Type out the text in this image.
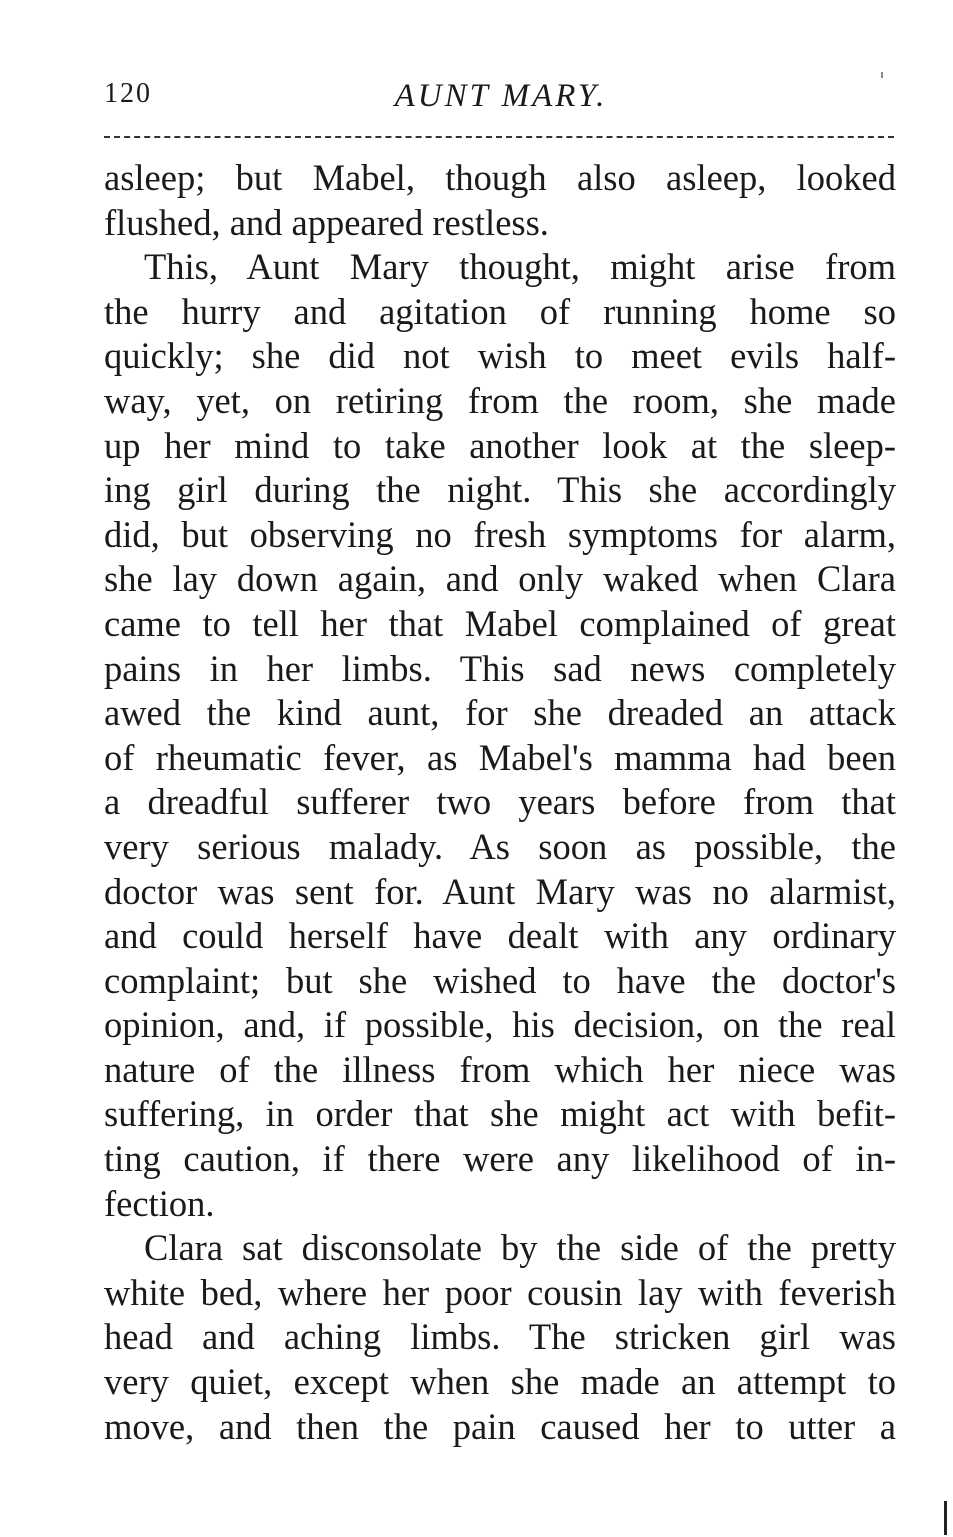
120	AUNT MARY.
asleep; but Mabel, though also asleep, looked
flushed, and appeared restless.
This, Aunt Mary thought, might arise from
the hurry and agitation of running home so
quickly; she did not wish to meet evils half-
way, yet, on retiring from the room, she made
up her mind to take another look at the sleep-
ing girl during the night. This she accordingly
did, but observing no fresh symptoms for alarm,
she lay down again, and only waked when Clara
came to tell her that Mabel complained of great
pains in her limbs. This sad news completely
awed the kind aunt, for she dreaded an attack
of rheumatic fever, as Mabel's mamma had been
a dreadful sufferer two years before from that
very serious malady. As soon as possible, the
doctor was sent for. Aunt Mary was no alarmist,
and could herself have dealt with any ordinary
complaint; but she wished to have the doctor's
opinion, and, if possible, his decision, on the real
nature of the illness from which her niece was
suffering, in order that she might act with befit-
ting caution, if there were any likelihood of in-
fection.
Clara sat disconsolate by the side of the pretty
white bed, where her poor cousin lay with feverish
head and aching limbs. The stricken girl was
very quiet, except when she made an attempt to
move, and then the pain caused her to utter a
